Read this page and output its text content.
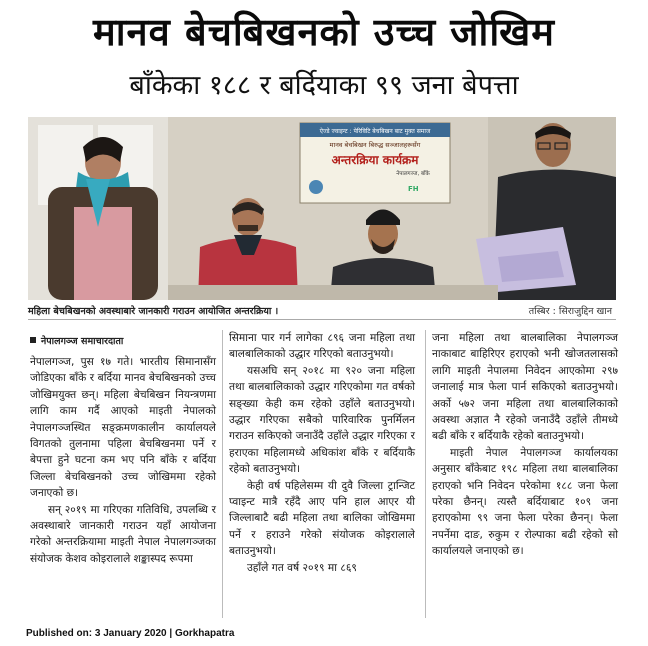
मानव बेचबिखनको उच्च जोखिम
बाँकेका १८८ र बर्दियाका ९९ जना बेपत्ता
ऐज्डे ज्वाइन्ट : पेरिविटि बेचबिखन बाट मुक्त समाज
मानव बेचबिखन बिरुद्ध सञ्जालहरूसँग
अन्तरक्रिया कार्यक्रम
नेपालगञ्ज, बाँके
FH
महिला बेचबिखनको अवस्थाबारे जानकारी गराउन आयोजित अन्तरक्रिया ।	तस्बिर : सिराजुद्दिन खान
नेपालगञ्ज समाचारदाता

नेपालगञ्ज, पुस १७ गते। भारतीय सिमानासँग जोडिएका बाँके र बर्दिया मानव बेचबिखनको उच्च जोखिमयुक्त छन्। महिला बेचबिखन नियन्त्रणमा लागि काम गर्दै आएको माइती नेपालको नेपालगञ्जस्थित सङ्क्रमणकालीन कार्यालयले विगतको तुलनामा पहिला बेचबिखनमा पर्ने र बेपत्ता हुने घटना कम भए पनि बाँके र बर्दिया जिल्ला बेचबिखनको उच्च जोखिममा रहेको जनाएको छ।

सन् २०१९ मा गरिएका गतिविधि, उपलब्धि र अवस्थाबारे जानकारी गराउन यहाँ आयोजना गरेको अन्तरक्रियामा माइती नेपाल नेपालगञ्जका संयोजक केशव कोइरालाले शङ्कास्पद रूपमा

सिमाना पार गर्न लागेका ८९६ जना महिला तथा बालबालिकाको उद्धार गरिएको बताउनुभयो।

यसअघि सन् २०१८ मा ९२० जना महिला तथा बालबालिकाको उद्धार गरिएकोमा गत वर्षको सङ्ख्या केही कम रहेको उहाँले बताउनुभयो। उद्धार गरिएका सबैको पारिवारिक पुनर्मिलन गराउन सकिएको जनाउँदै उहाँले उद्धार गरिएका र हराएका महिलामध्ये अधिकांश बाँके र बर्दियाकै रहेको बताउनुभयो।

केही वर्ष पहिलेसम्म यी दुवै जिल्ला ट्रान्जिट प्वाइन्ट मात्रै रहँदै आए पनि हाल आएर यी जिल्लाबाटै बढी महिला तथा बालिका जोखिममा पर्ने र हराउने गरेको संयोजक कोइरालाले बताउनुभयो।

उहाँले गत वर्ष २०१९ मा ८६९

जना महिला तथा बालबालिका नेपालगञ्ज नाकाबाट बाहिरिएर हराएको भनी खोजतलासको लागि माइती नेपालमा निवेदन आएकोमा २९७ जनालाई मात्र फेला पार्न सकिएको बताउनुभयो। अर्को ५७२ जना महिला तथा बालबालिकाको अवस्था अज्ञात नै रहेको जनाउँदै उहाँले तीमध्ये बढी बाँके र बर्दियाकै रहेको बताउनुभयो।

माइती नेपाल नेपालगञ्ज कार्यालयका अनुसार बाँकेबाट १९८ महिला तथा बालबालिका हराएको भनि निवेदन परेकोमा १८८ जना फेला परेका छैनन्। त्यस्तै बर्दियाबाट १०९ जना हराएकोमा ९९ जना फेला परेका छैनन्। फेला नपर्नेमा दाङ, रुकुम र रोल्पाका बढी रहेको सो कार्यालयले जनाएको छ।

Published on: 3 January 2020 | Gorkhapatra
